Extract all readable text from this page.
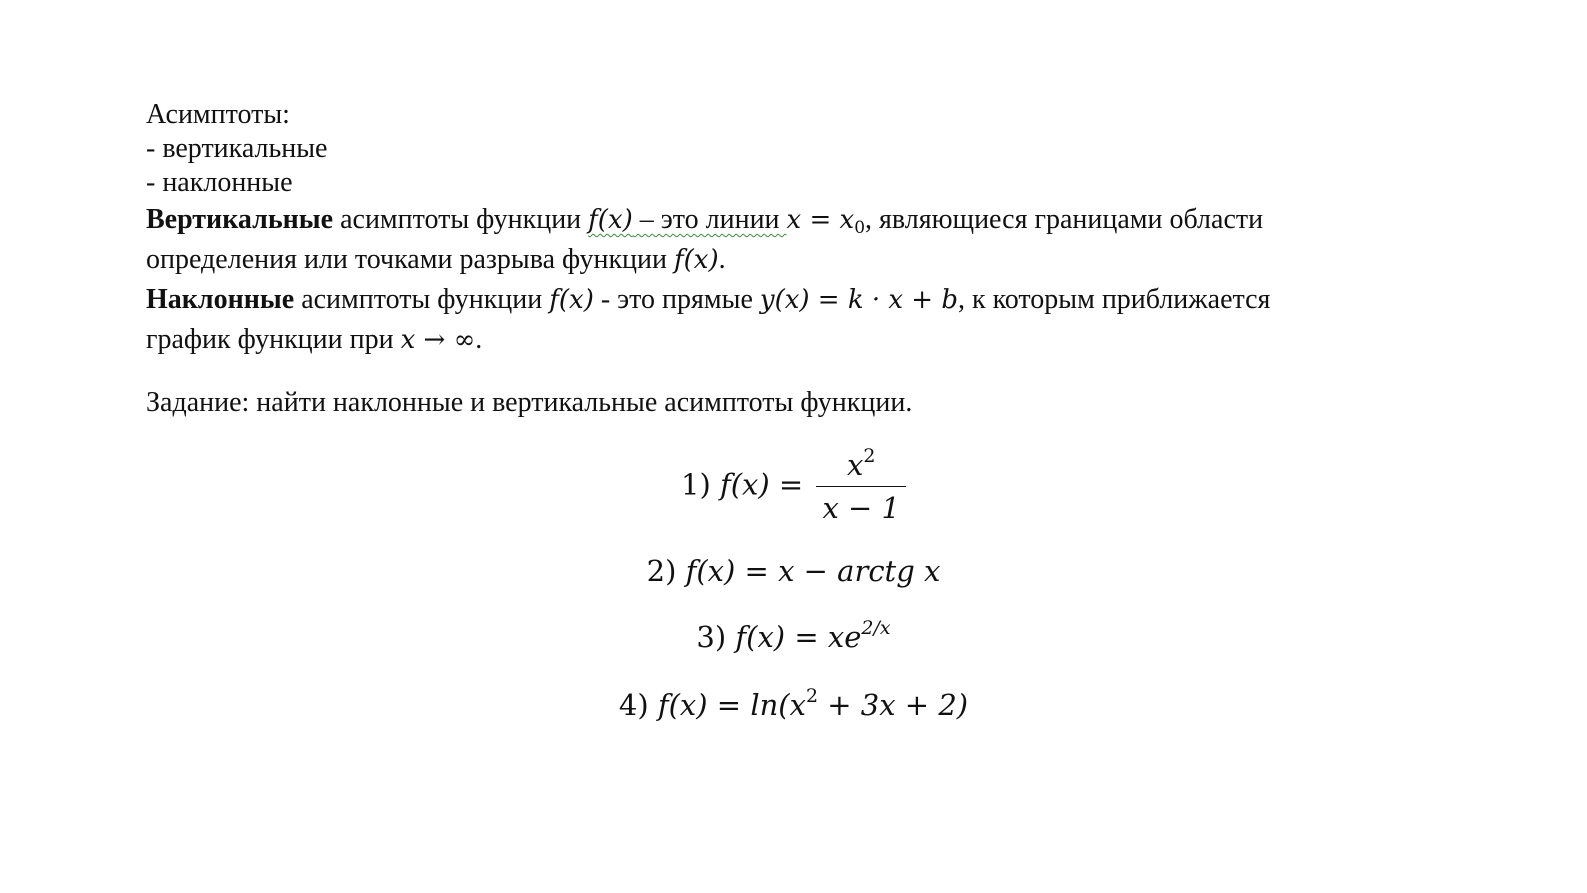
Асимптоты:
- вертикальные
- наклонные
Вертикальные асимптоты функции f(x) – это линии $x = x_0$, являющиеся границами области
определения или точками разрыва функции f(x).
Наклонные асимптоты функции f(x) - это прямые y(x) = k · x + b, к которым приближается
график функции при x → ∞.
Задание: найти наклонные и вертикальные асимптоты функции.
1) $f(x) = \frac{x^2}{x - 1}$
2) f(x) = x − arctg x
3) $f(x) = xe^{2/x}$
4) $f(x) = \ln(x^2 + 3x + 2)$
